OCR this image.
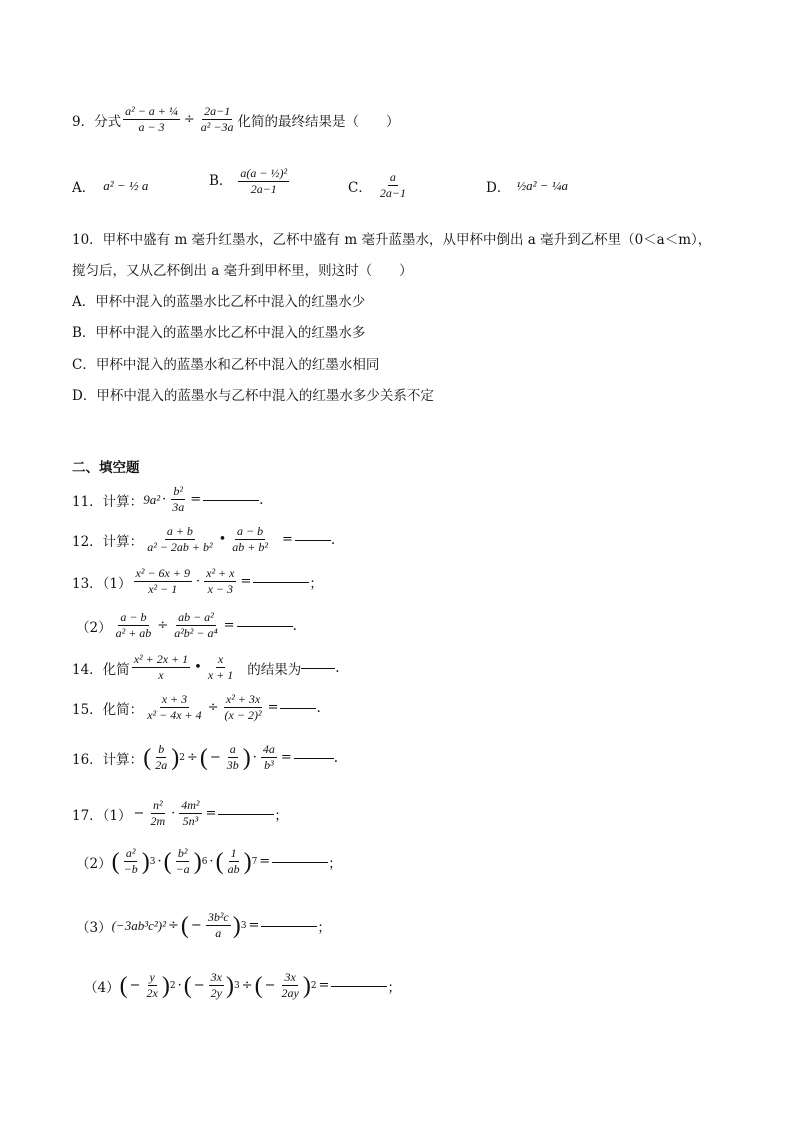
9． 分式 $\frac{\text{a² − a + ¼}}{a - 3} \div \frac{2a-1}{\text{a² −3a}}$ 化简的最终结果是（　　）
A． a² − ½ a	B． $\frac{\text{a(a − ½)²}}{2a-1}$	C． $\frac{a}{2a-1}$	D． ½a² − ¼a
10．甲杯中盛有 m 毫升红墨水，乙杯中盛有 m 毫升蓝墨水，从甲杯中倒出 a 毫升到乙杯里（0＜a＜m），
搅匀后，又从乙杯倒出 a 毫升到甲杯里，则这时（　　）
A．甲杯中混入的蓝墨水比乙杯中混入的红墨水少
B．甲杯中混入的蓝墨水比乙杯中混入的红墨水多
C．甲杯中混入的蓝墨水和乙杯中混入的红墨水相同
D．甲杯中混入的蓝墨水与乙杯中混入的红墨水多少关系不定
二、填空题
11．计算： $9a^2 \cdot \frac{\text{b²}}{3a}$ =	.
12．计算： $\frac{a + b}{\text{a² − 2ab + b²}}$ • $\frac{a - b}{\text{ab + b²}}$ =	.
13．$(1) \frac{\text{x² − 6x + 9}}{\text{x² − 1}} \cdot \frac{\text{x² + x}}{x - 3}$ =	；
$(2) \frac{a - b}{\text{a² + ab}} \div \frac{\text{ab − a²}}{\text{a²b² − a⁴}}$ =	.
14．化简 $\frac{\text{x² + 2x + 1}}{x}$ • $\frac{x}{x + 1}$ 的结果为	.
15．化简： $\frac{x + 3}{\text{x² − 4x + 4}} \div \frac{\text{x² + 3x}}{\text{(x − 2)²}}$ =	.
16．计算： ( $\frac{b}{2a}$ ) 2 ÷ ( − $\frac{a}{3b}$ ) · $\frac{4a}{\text{b³}}$ =	.
17．$(1) - \frac{\text{n²}}{2m} \cdot \frac{\text{4m²}}{\text{5n³}}$ =	；
（2） ( $\frac{\text{a²}}{-b}$ ) 3 · ( $\frac{\text{b²}}{-a}$ ) 6 · ( $\frac{1}{ab}$ ) 7 =	；
（3） (−3ab³c²)² ÷ ( − $\frac{\text{3b²c}}{a}$ ) 3 =	；
（4） ( − $\frac{y}{2x}$ ) 2 · ( − $\frac{3x}{2y}$ ) 3 ÷ ( − $\frac{3x}{2ay}$ ) 2 =	；
